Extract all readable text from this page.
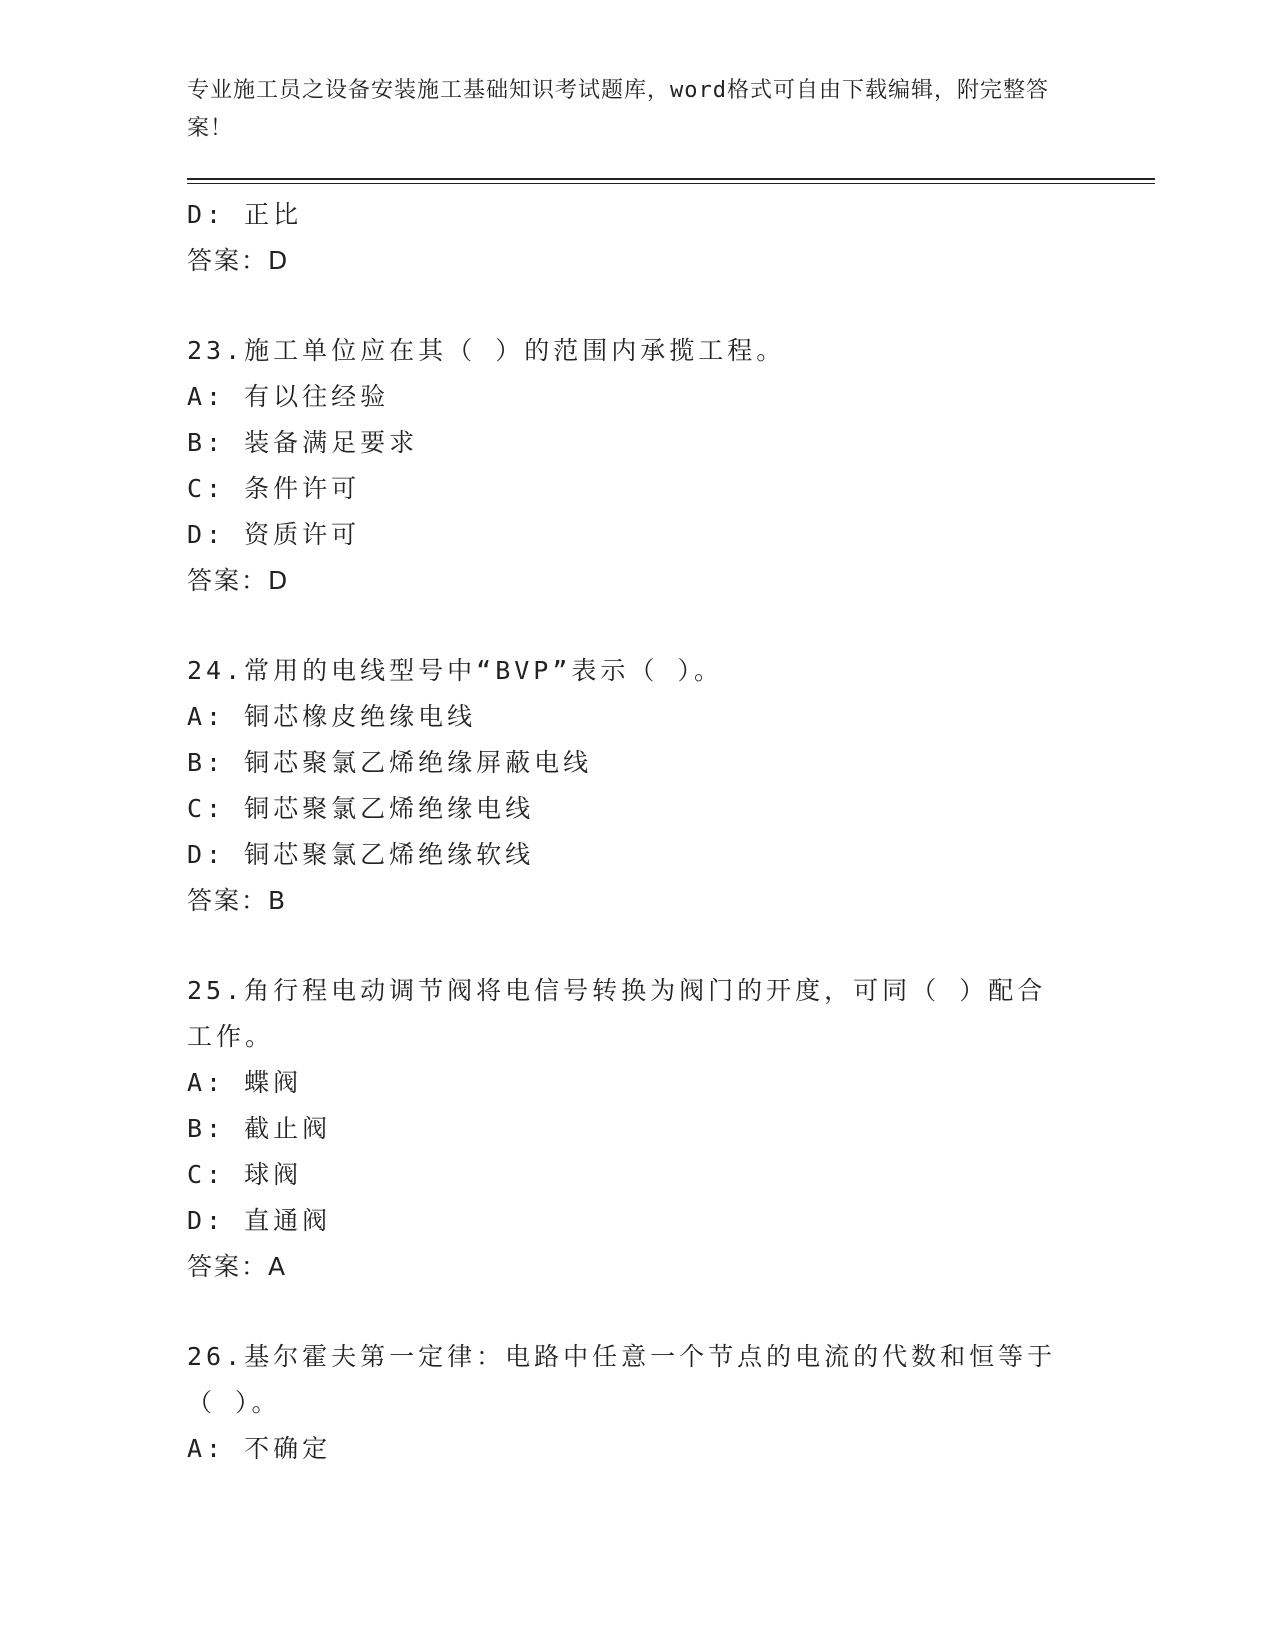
专业施工员之设备安装施工基础知识考试题库，word格式可自由下载编辑，附完整答案！
D: 正比
答案：D
23.施工单位应在其（ ）的范围内承揽工程。
A: 有以往经验
B: 装备满足要求
C: 条件许可
D: 资质许可
答案：D
24.常用的电线型号中“BVP”表示（ ）。
A: 铜芯橡皮绝缘电线
B: 铜芯聚氯乙烯绝缘屏蔽电线
C: 铜芯聚氯乙烯绝缘电线
D: 铜芯聚氯乙烯绝缘软线
答案：B
25.角行程电动调节阀将电信号转换为阀门的开度，可同（ ）配合工作。
A: 蝶阀
B: 截止阀
C: 球阀
D: 直通阀
答案：A
26.基尔霍夫第一定律：电路中任意一个节点的电流的代数和恒等于（ ）。
A: 不确定
